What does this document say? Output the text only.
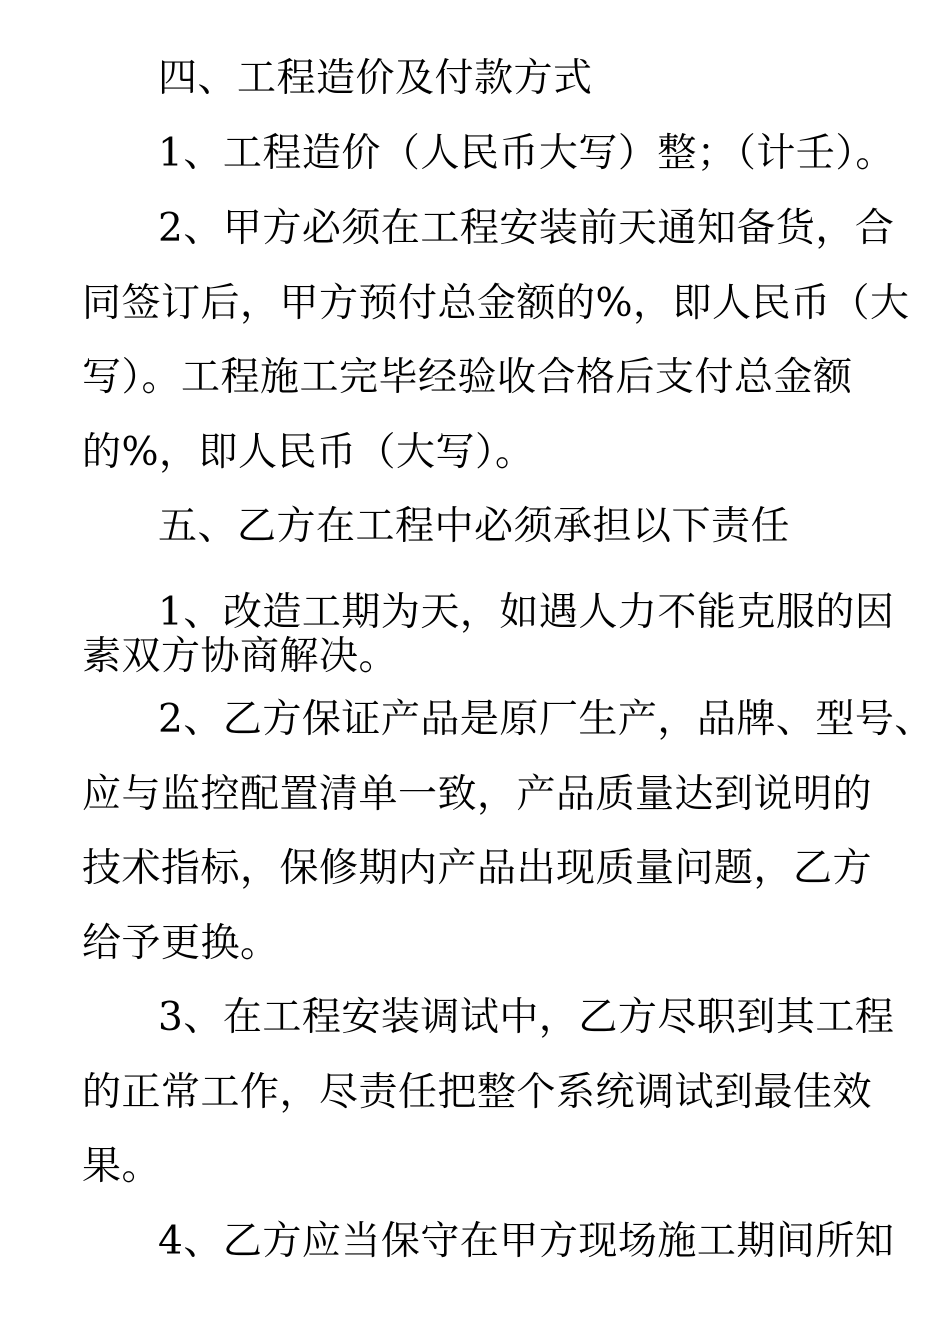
四、工程造价及付款方式
1、工程造价（人民币大写）整；（计壬）。
2、甲方必须在工程安装前天通知备货，合
同签订后，甲方预付总金额的%，即人民币（大
写）。工程施工完毕经验收合格后支付总金额
的%，即人民币（大写）。
五、乙方在工程中必须承担以下责任
1、改造工期为天，如遇人力不能克服的因
素双方协商解决。
2、乙方保证产品是原厂生产，品牌、型号、
应与监控配置清单一致，产品质量达到说明的
技术指标，保修期内产品出现质量问题，乙方
给予更换。
3、在工程安装调试中，乙方尽职到其工程
的正常工作，尽责任把整个系统调试到最佳效
果。
4、乙方应当保守在甲方现场施工期间所知
